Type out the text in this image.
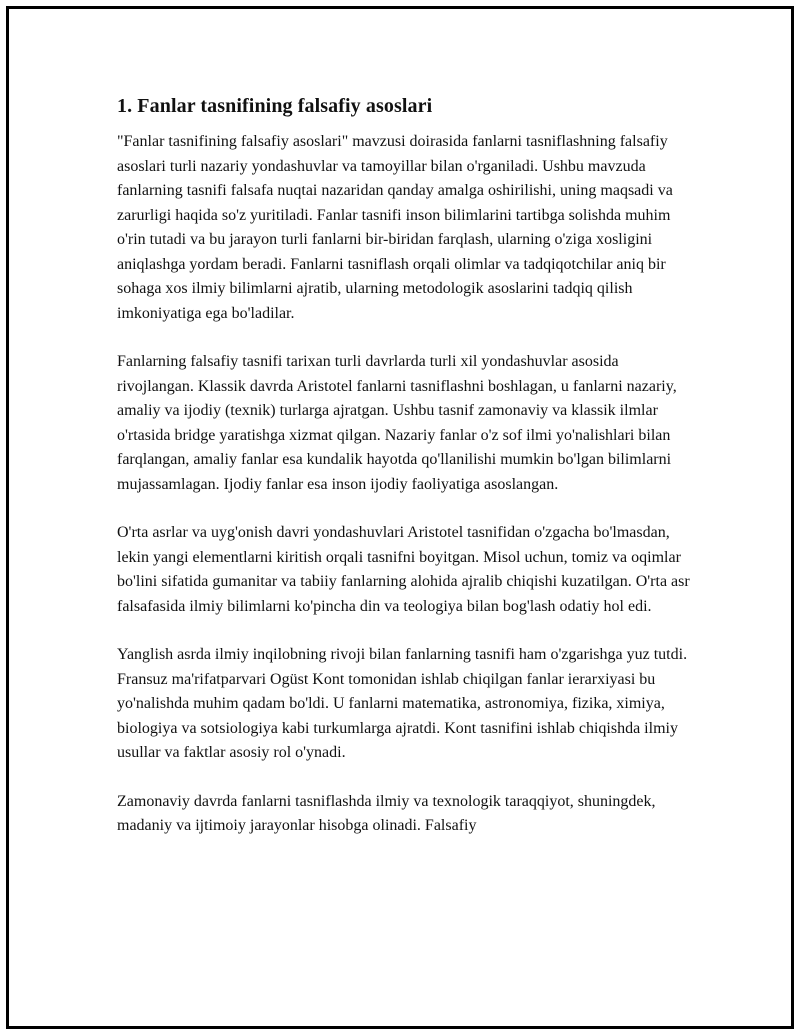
1. Fanlar tasnifining falsafiy asoslari

"Fanlar tasnifining falsafiy asoslari" mavzusi doirasida fanlarni tasniflashning falsafiy asoslari turli nazariy yondashuvlar va tamoyillar bilan o'rganiladi. Ushbu mavzuda fanlarning tasnifi falsafa nuqtai nazaridan qanday amalga oshirilishi, uning maqsadi va zarurligi haqida so'z yuritiladi. Fanlar tasnifi inson bilimlarini tartibga solishda muhim o'rin tutadi va bu jarayon turli fanlarni bir-biridan farqlash, ularning o'ziga xosligini aniqlashga yordam beradi. Fanlarni tasniflash orqali olimlar va tadqiqotchilar aniq bir sohaga xos ilmiy bilimlarni ajratib, ularning metodologik asoslarini tadqiq qilish imkoniyatiga ega bo'ladilar.

Fanlarning falsafiy tasnifi tarixan turli davrlarda turli xil yondashuvlar asosida rivojlangan. Klassik davrda Aristotel fanlarni tasniflashni boshlagan, u fanlarni nazariy, amaliy va ijodiy (texnik) turlarga ajratgan. Ushbu tasnif zamonaviy va klassik ilmlar o'rtasida bridge yaratishga xizmat qilgan. Nazariy fanlar o'z sof ilmi yo'nalishlari bilan farqlangan, amaliy fanlar esa kundalik hayotda qo'llanilishi mumkin bo'lgan bilimlarni mujassamlagan. Ijodiy fanlar esa inson ijodiy faoliyatiga asoslangan.

O'rta asrlar va uyg'onish davri yondashuvlari Aristotel tasnifidan o'zgacha bo'lmasdan, lekin yangi elementlarni kiritish orqali tasnifni boyitgan. Misol uchun, tomiz va oqimlar bo'lini sifatida gumanitar va tabiiy fanlarning alohida ajralib chiqishi kuzatilgan. O'rta asr falsafasida ilmiy bilimlarni ko'pincha din va teologiya bilan bog'lash odatiy hol edi.

Yanglish asrda ilmiy inqilobning rivoji bilan fanlarning tasnifi ham o'zgarishga yuz tutdi. Fransuz ma'rifatparvari Ogüst Kont tomonidan ishlab chiqilgan fanlar ierarxiyasi bu yo'nalishda muhim qadam bo'ldi. U fanlarni matematika, astronomiya, fizika, ximiya, biologiya va sotsiologiya kabi turkumlarga ajratdi. Kont tasnifini ishlab chiqishda ilmiy usullar va faktlar asosiy rol o'ynadi.

Zamonaviy davrda fanlarni tasniflashda ilmiy va texnologik taraqqiyot, shuningdek, madaniy va ijtimoiy jarayonlar hisobga olinadi. Falsafiy
